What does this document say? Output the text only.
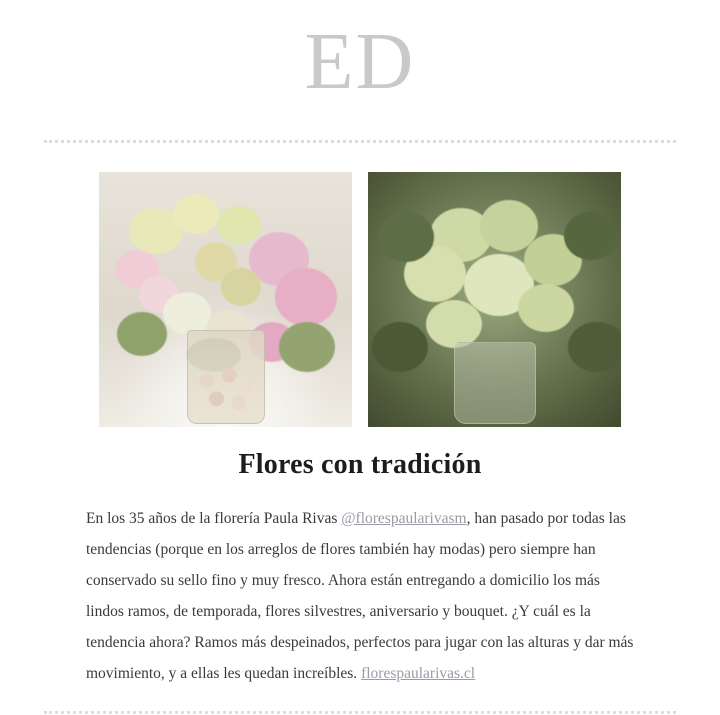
ED
Flores con tradición

En los 35 años de la florería Paula Rivas @florespaularivasm, han pasado por todas las tendencias (porque en los arreglos de flores también hay modas) pero siempre han conservado su sello fino y muy fresco. Ahora están entregando a domicilio los más lindos ramos, de temporada, flores silvestres, aniversario y bouquet. ¿Y cuál es la tendencia ahora? Ramos más despeinados, perfectos para jugar con las alturas y dar más movimiento, y a ellas les quedan increíbles. florespaularivas.cl
